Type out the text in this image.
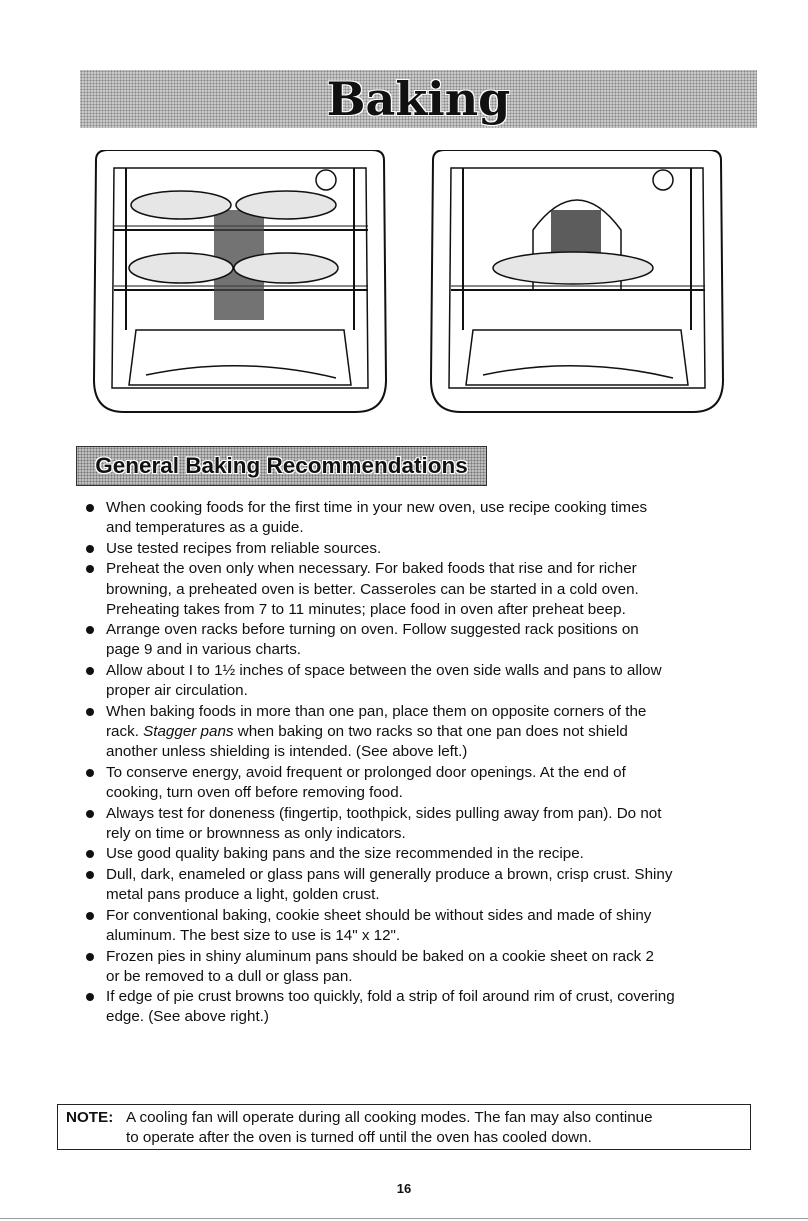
Baking
General Baking Recommendations
When cooking foods for the first time in your new oven, use recipe cooking times
and temperatures as a guide.
Use tested recipes from reliable sources.
Preheat the oven only when necessary. For baked foods that rise and for richer
browning, a preheated oven is better. Casseroles can be started in a cold oven.
Preheating takes from 7 to 11 minutes; place food in oven after preheat beep.
Arrange oven racks before turning on oven. Follow suggested rack positions on
page 9 and in various charts.
Allow about I to 1½ inches of space between the oven side walls and pans to allow
proper air circulation.
When baking foods in more than one pan, place them on opposite corners of the
rack. Stagger pans when baking on two racks so that one pan does not shield
another unless shielding is intended. (See above left.)
To conserve energy, avoid frequent or prolonged door openings. At the end of
cooking, turn oven off before removing food.
Always test for doneness (fingertip, toothpick, sides pulling away from pan). Do not
rely on time or brownness as only indicators.
Use good quality baking pans and the size recommended in the recipe.
Dull, dark, enameled or glass pans will generally produce a brown, crisp crust. Shiny
metal pans produce a light, golden crust.
For conventional baking, cookie sheet should be without sides and made of shiny
aluminum. The best size to use is 14" x 12".
Frozen pies in shiny aluminum pans should be baked on a cookie sheet on rack 2
or be removed to a dull or glass pan.
If edge of pie crust browns too quickly, fold a strip of foil around rim of crust, covering
edge. (See above right.)
NOTE: A cooling fan will operate during all cooking modes. The fan may also continue
to operate after the oven is turned off until the oven has cooled down.
16
